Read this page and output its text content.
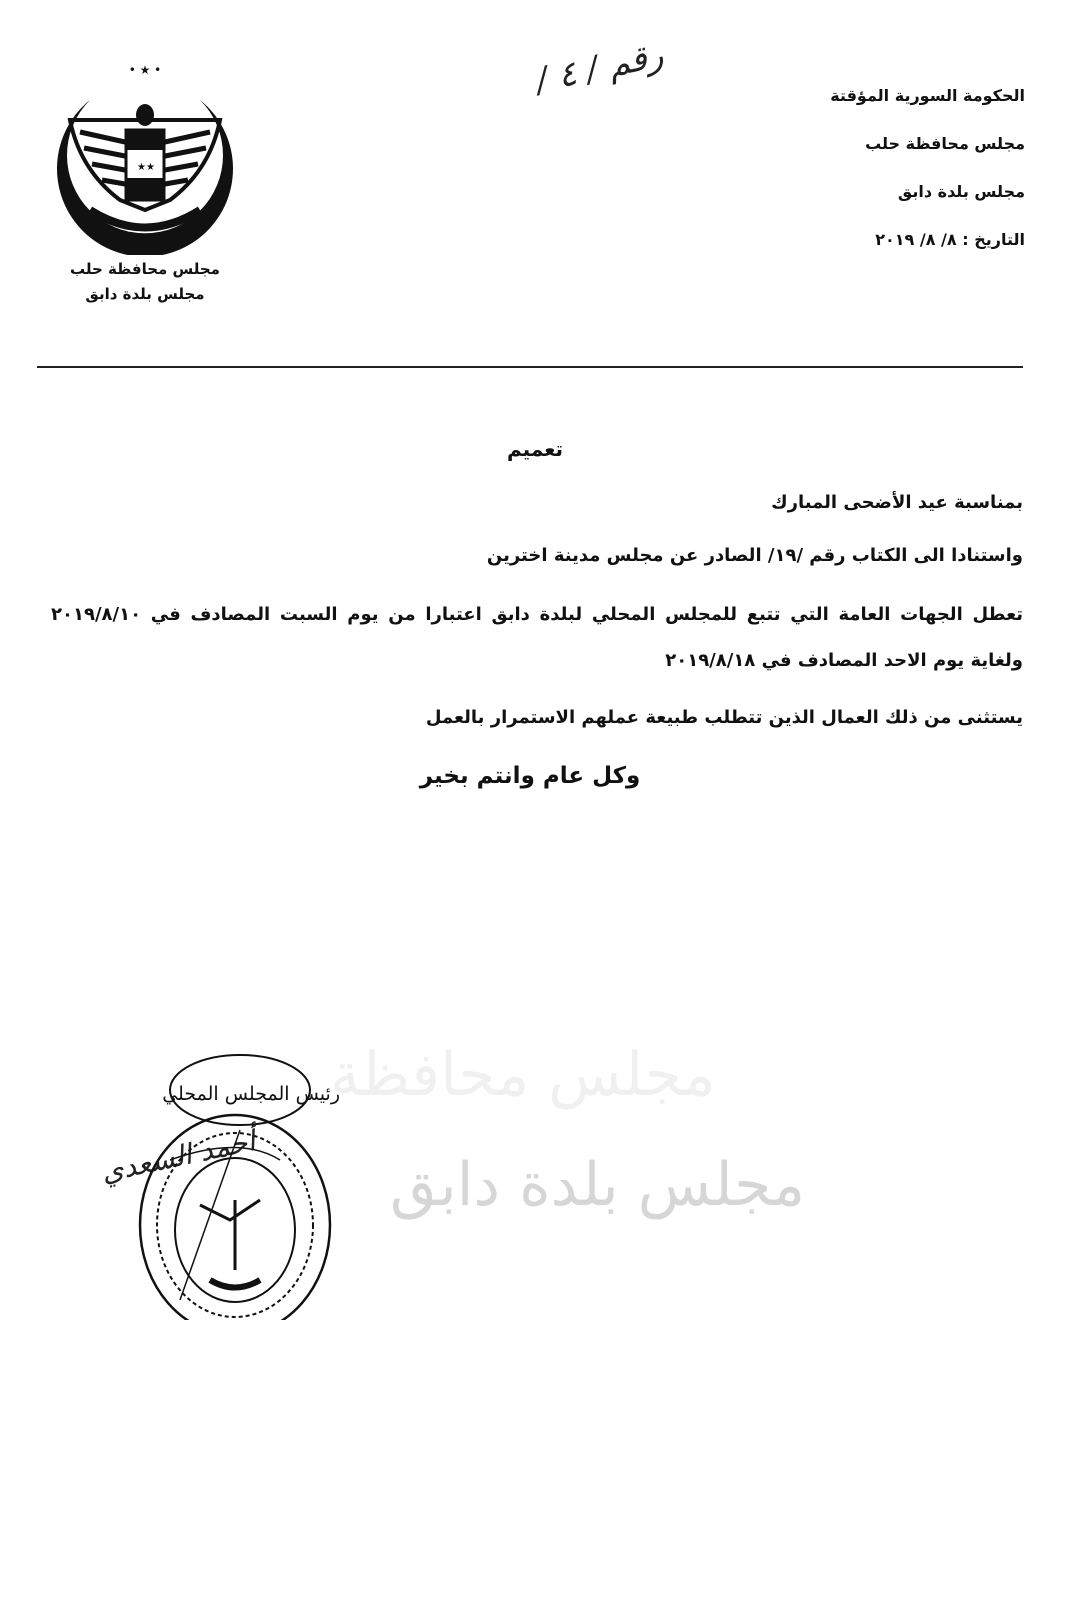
مجلس محافظة
مجلس بلدة دابق
رقم / ٤ /
الحكومة السورية المؤقتة
مجلس محافظة حلب
مجلس بلدة دابق
التاريخ : ٨/ ٨/ ٢٠١٩
• ★ •
★★
مجلس محافظة حلب
مجلس بلدة دابق
تعميم
بمناسبة عيد الأضحى المبارك
واستنادا الى الكتاب رقم /١٩/ الصادر عن مجلس مدينة اخترين
تعطل الجهات العامة التي تتبع للمجلس المحلي لبلدة دابق اعتبارا من يوم السبت المصادف في ٢٠١٩/٨/١٠ ولغاية يوم الاحد المصادف في ٢٠١٩/٨/١٨
يستثنى من ذلك العمال الذين تتطلب طبيعة عملهم الاستمرار بالعمل
وكل عام وانتم بخير
رئيس المجلس المحلي
أحمد السعدي
